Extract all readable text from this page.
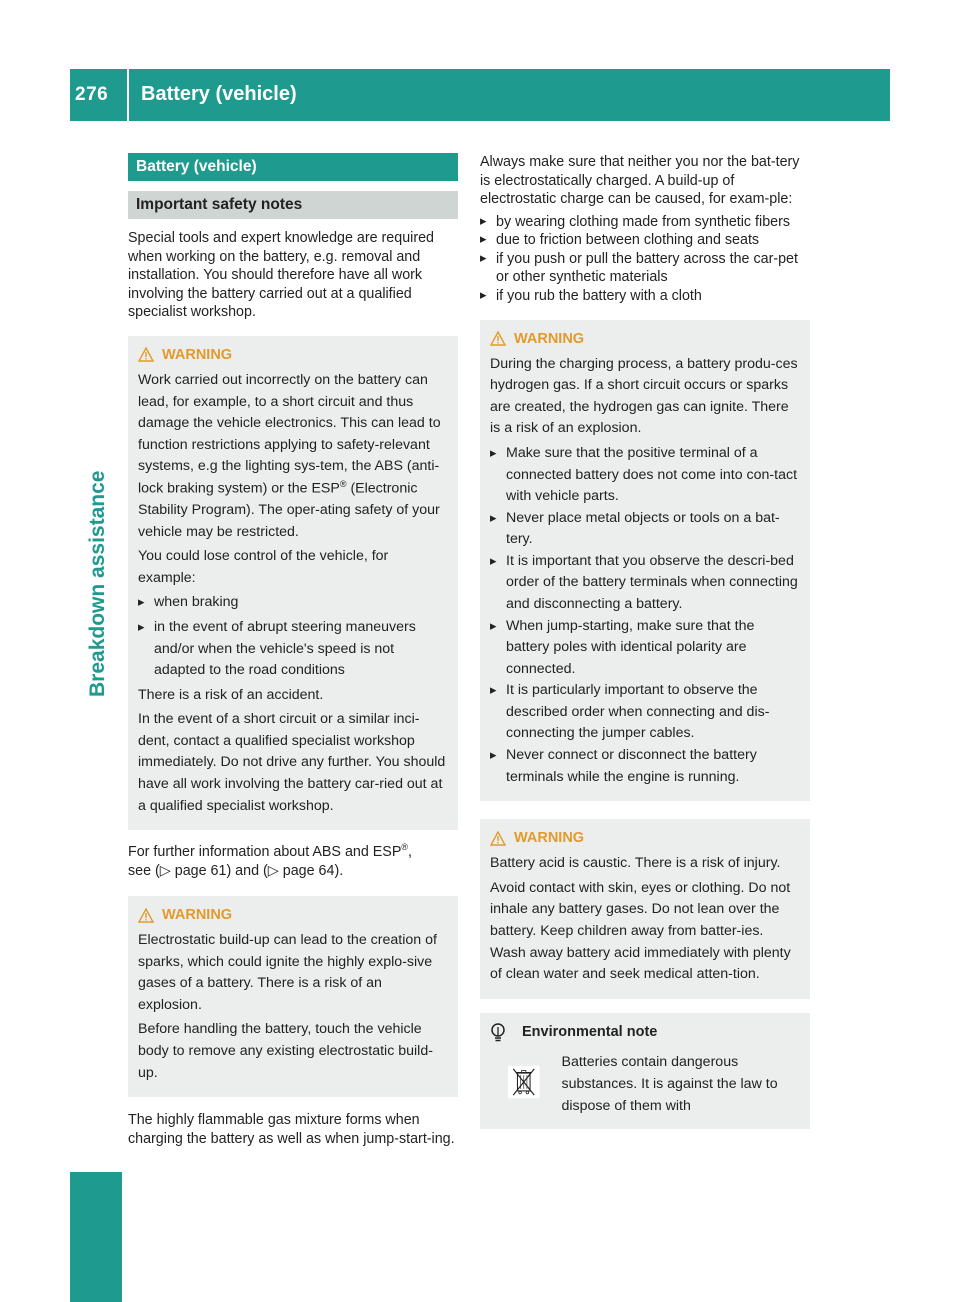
276	Battery (vehicle)
Breakdown assistance
Battery (vehicle)
Important safety notes

Special tools and expert knowledge are required when working on the battery, e.g. removal and installation. You should therefore have all work involving the battery carried out at a qualified specialist workshop.

WARNING

Work carried out incorrectly on the battery can lead, for example, to a short circuit and thus damage the vehicle electronics. This can lead to function restrictions applying to safety-relevant systems, e.g the lighting sys-tem, the ABS (anti-lock braking system) or the ESP® (Electronic Stability Program). The oper-ating safety of your vehicle may be restricted.

You could lose control of the vehicle, for example:

▸ when braking
▸ in the event of abrupt steering maneuvers and/or when the vehicle's speed is not adapted to the road conditions

There is a risk of an accident.

In the event of a short circuit or a similar inci-dent, contact a qualified specialist workshop immediately. Do not drive any further. You should have all work involving the battery car-ried out at a qualified specialist workshop.

For further information about ABS and ESP®,
see (▷ page 61) and (▷ page 64).

WARNING

Electrostatic build-up can lead to the creation of sparks, which could ignite the highly explo-sive gases of a battery. There is a risk of an explosion.

Before handling the battery, touch the vehicle body to remove any existing electrostatic build-up.

The highly flammable gas mixture forms when charging the battery as well as when jump-start-ing.

Always make sure that neither you nor the bat-tery is electrostatically charged. A build-up of electrostatic charge can be caused, for exam-ple:

▸ by wearing clothing made from synthetic fibers
▸ due to friction between clothing and seats
▸ if you push or pull the battery across the car-pet or other synthetic materials
▸ if you rub the battery with a cloth
WARNING

During the charging process, a battery produ-ces hydrogen gas. If a short circuit occurs or sparks are created, the hydrogen gas can ignite. There is a risk of an explosion.

▸ Make sure that the positive terminal of a connected battery does not come into con-tact with vehicle parts.
▸ Never place metal objects or tools on a bat-tery.
▸ It is important that you observe the descri-bed order of the battery terminals when connecting and disconnecting a battery.
▸ When jump-starting, make sure that the battery poles with identical polarity are connected.
▸ It is particularly important to observe the described order when connecting and dis-connecting the jumper cables.
▸ Never connect or disconnect the battery terminals while the engine is running.
WARNING

Battery acid is caustic. There is a risk of injury.

Avoid contact with skin, eyes or clothing. Do not inhale any battery gases. Do not lean over the battery. Keep children away from batter-ies. Wash away battery acid immediately with plenty of clean water and seek medical atten-tion.

Environmental note

Batteries contain dangerous substances. It is against the law to dispose of them with
